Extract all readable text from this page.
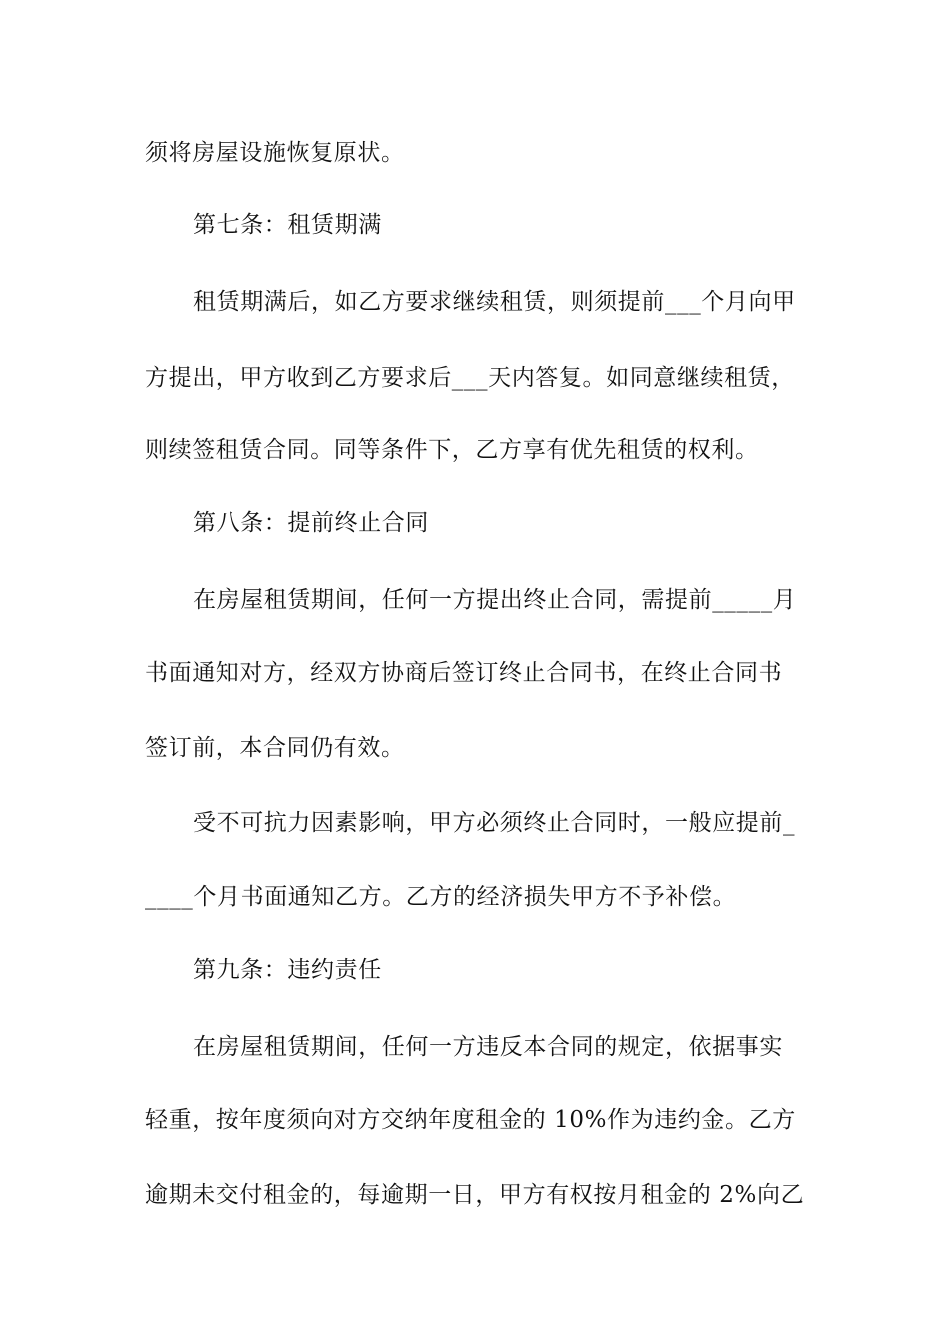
须将房屋设施恢复原状。
第七条：租赁期满
租赁期满后，如乙方要求继续租赁，则须提前___个月向甲
方提出，甲方收到乙方要求后___天内答复。如同意继续租赁，
则续签租赁合同。同等条件下，乙方享有优先租赁的权利。
第八条：提前终止合同
在房屋租赁期间，任何一方提出终止合同，需提前_____月
书面通知对方，经双方协商后签订终止合同书，在终止合同书
签订前，本合同仍有效。
受不可抗力因素影响，甲方必须终止合同时，一般应提前_
____个月书面通知乙方。乙方的经济损失甲方不予补偿。
第九条：违约责任
在房屋租赁期间，任何一方违反本合同的规定，依据事实
轻重，按年度须向对方交纳年度租金的 10%作为违约金。乙方
逾期未交付租金的，每逾期一日，甲方有权按月租金的 2%向乙
